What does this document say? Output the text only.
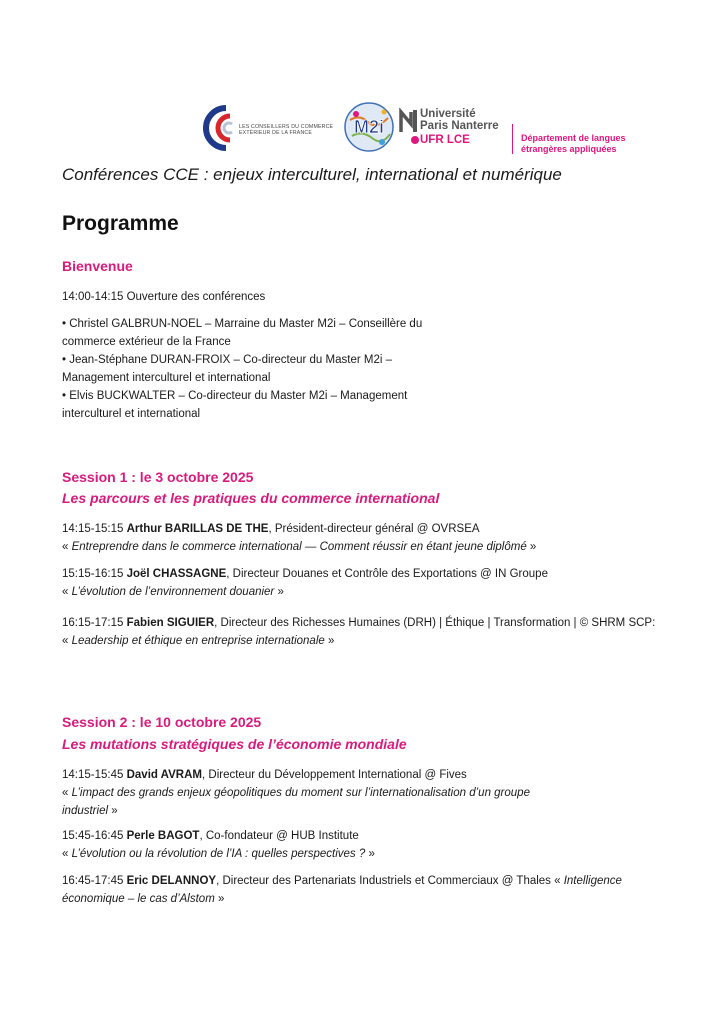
LES CONSEILLERS DU COMMERCE EXTÉRIEUR DE LA FRANCE	M2i
Université
Paris Nanterre
UFR LCE	Département de langues étrangères appliquées
Conférences CCE : enjeux interculturel, international et numérique
Programme
Bienvenue
14:00-14:15 Ouverture des conférences
• Christel GALBRUN-NOEL – Marraine du Master M2i – Conseillère du
commerce extérieur de la France
• Jean-Stéphane DURAN-FROIX – Co-directeur du Master M2i –
Management interculturel et international
• Elvis BUCKWALTER – Co-directeur du Master M2i – Management
interculturel et international
Session 1 : le 3 octobre 2025
Les parcours et les pratiques du commerce international
14:15-15:15 Arthur BARILLAS DE THE, Président-directeur général @ OVRSEA
« Entreprendre dans le commerce international — Comment réussir en étant jeune diplômé »
15:15-16:15 Joël CHASSAGNE, Directeur Douanes et Contrôle des Exportations @ IN Groupe
« L’évolution de l’environnement douanier »
16:15-17:15 Fabien SIGUIER, Directeur des Richesses Humaines (DRH) | Éthique | Transformation | © SHRM SCP:
« Leadership et éthique en entreprise internationale »
Session 2 : le 10 octobre 2025
Les mutations stratégiques de l’économie mondiale
14:15-15:45 David AVRAM, Directeur du Développement International @ Fives
« L’impact des grands enjeux géopolitiques du moment sur l’internationalisation d’un groupe
industriel »
15:45-16:45 Perle BAGOT, Co-fondateur @ HUB Institute
« L’évolution ou la révolution de l’IA : quelles perspectives ? »
16:45-17:45 Eric DELANNOY, Directeur des Partenariats Industriels et Commerciaux @ Thales « Intelligence
économique – le cas d’Alstom »
